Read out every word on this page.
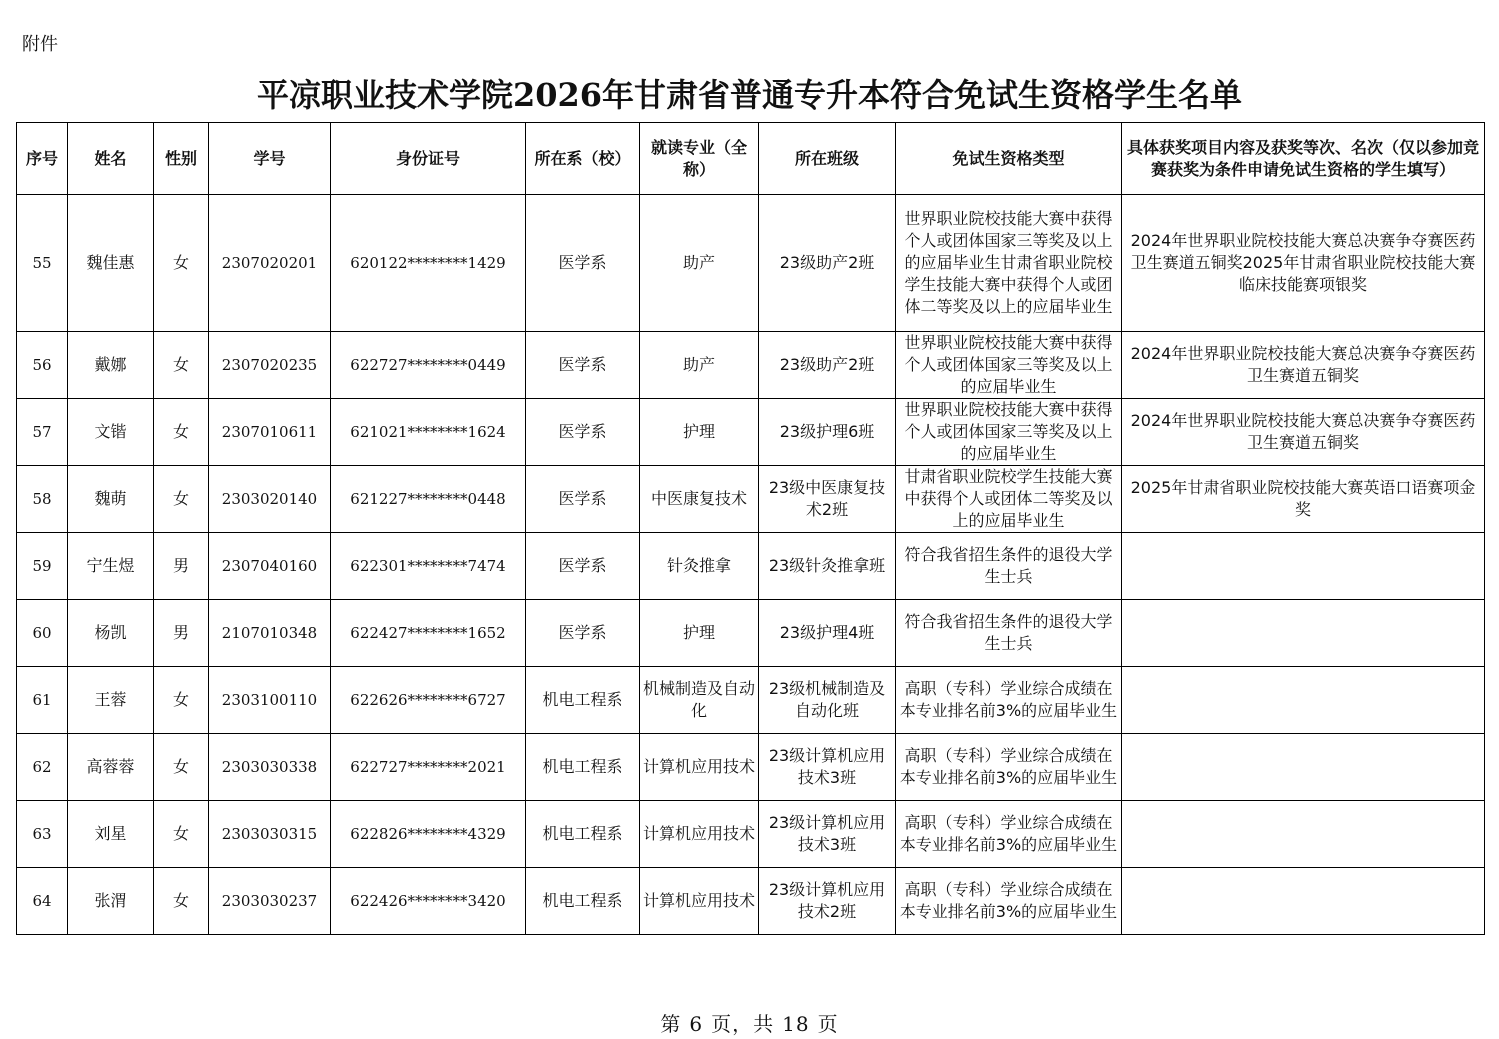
附件
平凉职业技术学院2026年甘肃省普通专升本符合免试生资格学生名单
序号	姓名	性别	学号	身份证号	所在系（校）	就读专业（全称）	所在班级	免试生资格类型	具体获奖项目内容及获奖等次、名次（仅以参加竞赛获奖为条件申请免试生资格的学生填写）
55	魏佳惠	女	2307020201	620122********1429	医学系	助产	23级助产2班	世界职业院校技能大赛中获得个人或团体国家三等奖及以上的应届毕业生甘肃省职业院校学生技能大赛中获得个人或团体二等奖及以上的应届毕业生	2024年世界职业院校技能大赛总决赛争夺赛医药卫生赛道五铜奖2025年甘肃省职业院校技能大赛临床技能赛项银奖
56	戴娜	女	2307020235	622727********0449	医学系	助产	23级助产2班	世界职业院校技能大赛中获得个人或团体国家三等奖及以上的应届毕业生	2024年世界职业院校技能大赛总决赛争夺赛医药卫生赛道五铜奖
57	文锴	女	2307010611	621021********1624	医学系	护理	23级护理6班	世界职业院校技能大赛中获得个人或团体国家三等奖及以上的应届毕业生	2024年世界职业院校技能大赛总决赛争夺赛医药卫生赛道五铜奖
58	魏萌	女	2303020140	621227********0448	医学系	中医康复技术	23级中医康复技术2班	甘肃省职业院校学生技能大赛中获得个人或团体二等奖及以上的应届毕业生	2025年甘肃省职业院校技能大赛英语口语赛项金奖
59	宁生煜	男	2307040160	622301********7474	医学系	针灸推拿	23级针灸推拿班	符合我省招生条件的退役大学生士兵	
60	杨凯	男	2107010348	622427********1652	医学系	护理	23级护理4班	符合我省招生条件的退役大学生士兵	
61	王蓉	女	2303100110	622626********6727	机电工程系	机械制造及自动化	23级机械制造及自动化班	高职（专科）学业综合成绩在本专业排名前3%的应届毕业生	
62	高蓉蓉	女	2303030338	622727********2021	机电工程系	计算机应用技术	23级计算机应用技术3班	高职（专科）学业综合成绩在本专业排名前3%的应届毕业生	
63	刘星	女	2303030315	622826********4329	机电工程系	计算机应用技术	23级计算机应用技术3班	高职（专科）学业综合成绩在本专业排名前3%的应届毕业生	
64	张渭	女	2303030237	622426********3420	机电工程系	计算机应用技术	23级计算机应用技术2班	高职（专科）学业综合成绩在本专业排名前3%的应届毕业生	
第 6 页，共 18 页
